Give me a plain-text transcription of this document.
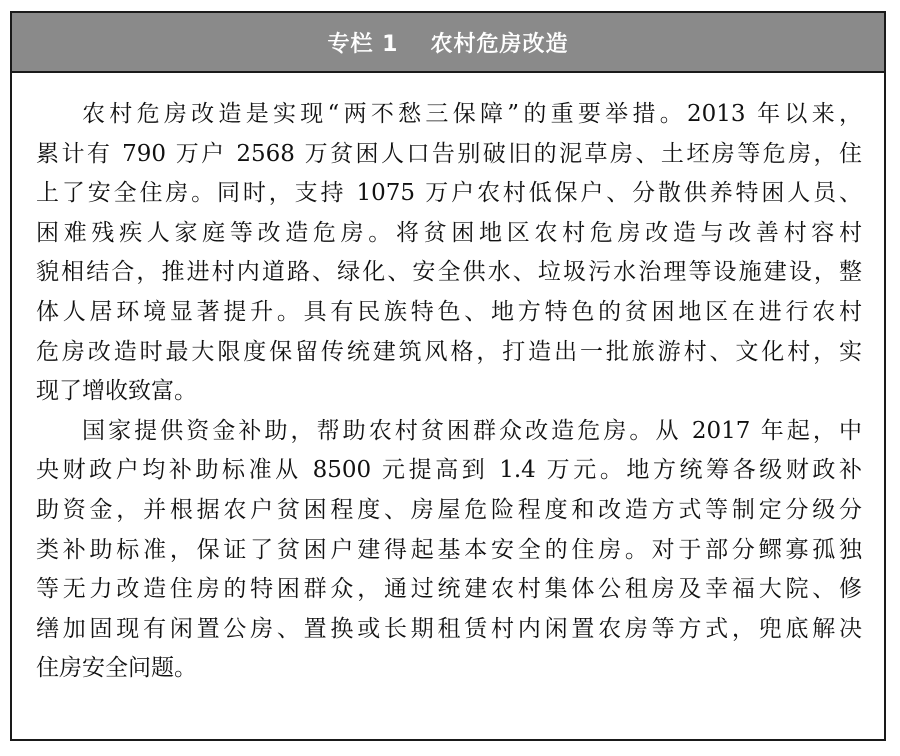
专栏 1 农村危房改造

农村危房改造是实现“两不愁三保障”的重要举措。2013 年以来，
累计有 790 万户 2568 万贫困人口告别破旧的泥草房、土坯房等危房，住
上了安全住房。同时，支持 1075 万户农村低保户、分散供养特困人员、
困难残疾人家庭等改造危房。将贫困地区农村危房改造与改善村容村
貌相结合，推进村内道路、绿化、安全供水、垃圾污水治理等设施建设，整
体人居环境显著提升。具有民族特色、地方特色的贫困地区在进行农村
危房改造时最大限度保留传统建筑风格，打造出一批旅游村、文化村，实
现了增收致富。

国家提供资金补助，帮助农村贫困群众改造危房。从 2017 年起，中
央财政户均补助标准从 8500 元提高到 1.4 万元。地方统筹各级财政补
助资金，并根据农户贫困程度、房屋危险程度和改造方式等制定分级分
类补助标准，保证了贫困户建得起基本安全的住房。对于部分鳏寡孤独
等无力改造住房的特困群众，通过统建农村集体公租房及幸福大院、修
缮加固现有闲置公房、置换或长期租赁村内闲置农房等方式，兜底解决
住房安全问题。
